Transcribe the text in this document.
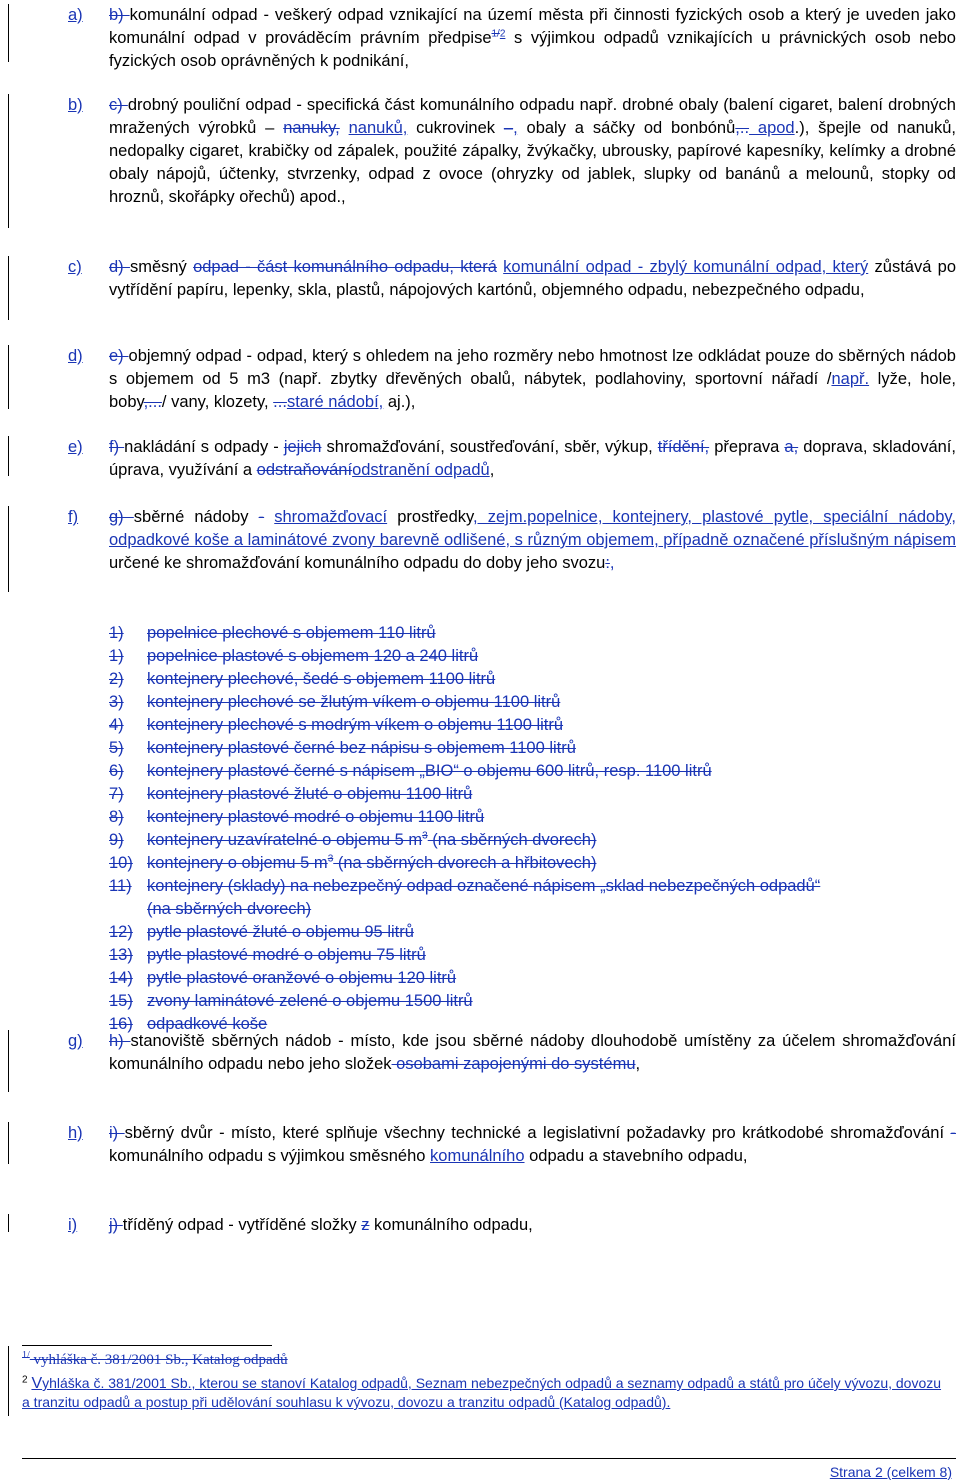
a)	b) komunální odpad - veškerý odpad vznikající na území města při činnosti fyzických osob a který je uveden jako komunální odpad v prováděcím právním předpise$^{1/2}$ s výjimkou odpadů vznikajících u právnických osob nebo fyzických osob oprávněných k podnikání,
b)	c) drobný pouliční odpad - specifická část komunálního odpadu např. drobné obaly (balení cigaret, balení drobných mražených výrobků – nanuky, nanuků, cukrovinek –, obaly a sáčky od bonbónů,.. apod.), špejle od nanuků, nedopalky cigaret, krabičky od zápalek, použité zápalky, žvýkačky, ubrousky, papírové kapesníky, kelímky a drobné obaly nápojů, účtenky, stvrzenky, odpad z ovoce (ohryzky od jablek, slupky od banánů a melounů, stopky od hroznů, skořápky ořechů) apod.,
c)	d) směsný odpad - část komunálního odpadu, která komunální odpad - zbylý komunální odpad, který zůstává po vytřídění papíru, lepenky, skla, plastů, nápojových kartónů, objemného odpadu, nebezpečného odpadu,
d)	e) objemný odpad - odpad, který s ohledem na jeho rozměry nebo hmotnost lze odkládat pouze do sběrných nádob s objemem od 5 m3 (např. zbytky dřevěných obalů, nábytek, podlahoviny, sportovní nářadí /např. lyže, hole, boby,.../ vany, klozety, ...staré nádobí, aj.),
e)	f) nakládání s odpady - jejich shromažďování, soustřeďování, sběr, výkup, třídění, přeprava a, doprava, skladování, úprava, využívání a odstraňováníodstranění odpadů,
f)	g) sběrné nádoby - shromažďovací prostředky, zejm.popelnice, kontejnery, plastové pytle, speciální nádoby, odpadkové koše a laminátové zvony barevně odlišené, s různým objemem, případně označené příslušným nápisem určené ke shromažďování komunálního odpadu do doby jeho svozu:,
1) popelnice plechové s objemem 110 litrů
1) popelnice plastové s objemem 120 a 240 litrů
2) kontejnery plechové, šedé s objemem 1100 litrů
3) kontejnery plechové se žlutým víkem o objemu 1100 litrů
4) kontejnery plechové s modrým víkem o objemu 1100 litrů
5) kontejnery plastové černé bez nápisu s objemem 1100 litrů
6) kontejnery plastové černé s nápisem „BIO“ o objemu 600 litrů, resp. 1100 litrů
7) kontejnery plastové žluté o objemu 1100 litrů
8) kontejnery plastové modré o objemu 1100 litrů
9) kontejnery uzavíratelné o objemu 5 $m^3$ (na sběrných dvorech)
10) kontejnery o objemu 5 $m^3$ (na sběrných dvorech a hřbitovech)
11) kontejnery (sklady) na nebezpečný odpad označené nápisem „sklad nebezpečných odpadů“
(na sběrných dvorech)
12) pytle plastové žluté o objemu 95 litrů
13) pytle plastové modré o objemu 75 litrů
14) pytle plastové oranžové o objemu 120 litrů
15) zvony laminátové zelené o objemu 1500 litrů
16) odpadkové koše
g)	h) stanoviště sběrných nádob - místo, kde jsou sběrné nádoby dlouhodobě umístěny za účelem shromažďování komunálního odpadu nebo jeho složek osobami zapojenými do systému,
h)	i) sběrný dvůr - místo, které splňuje všechny technické a legislativní požadavky pro krátkodobé shromažďování -komunálního odpadu s výjimkou směsného komunálního odpadu a stavebního odpadu,
i)	j) tříděný odpad - vytříděné složky z komunálního odpadu,
$^{1/}$ vyhláška č. 381/2001 Sb., Katalog odpadů
$^2$ Vyhláška č. 381/2001 Sb., kterou se stanoví Katalog odpadů, Seznam nebezpečných odpadů a seznamy odpadů a států pro účely vývozu, dovozu a tranzitu odpadů a postup při udělování souhlasu k vývozu, dovozu a tranzitu odpadů (Katalog odpadů).
Strana 2 (celkem 8)
